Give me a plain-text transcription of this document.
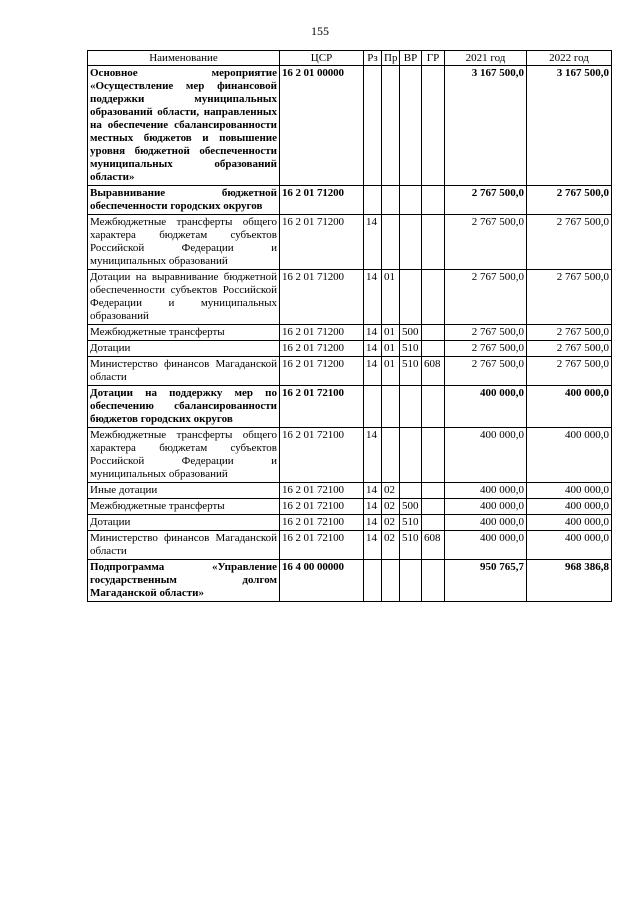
155
Наименование	ЦСР	Рз	Пр	ВР	ГР	2021 год	2022 год
Основное мероприятие «Осуществление мер финансовой поддержки муниципальных образований области, направленных на обеспечение сбалансированности местных бюджетов и повышение уровня бюджетной обеспеченности муниципальных образований области»	16 2 01 00000					3 167 500,0	3 167 500,0
Выравнивание бюджетной обеспеченности городских округов	16 2 01 71200					2 767 500,0	2 767 500,0
Межбюджетные трансферты общего характера бюджетам субъектов Российской Федерации и муниципальных образований	16 2 01 71200	14				2 767 500,0	2 767 500,0
Дотации на выравнивание бюджетной обеспеченности субъектов Российской Федерации и муниципальных образований	16 2 01 71200	14	01			2 767 500,0	2 767 500,0
Межбюджетные трансферты	16 2 01 71200	14	01	500		2 767 500,0	2 767 500,0
Дотации	16 2 01 71200	14	01	510		2 767 500,0	2 767 500,0
Министерство финансов Магаданской области	16 2 01 71200	14	01	510	608	2 767 500,0	2 767 500,0
Дотации на поддержку мер по обеспечению сбалансированности бюджетов городских округов	16 2 01 72100					400 000,0	400 000,0
Межбюджетные трансферты общего характера бюджетам субъектов Российской Федерации и муниципальных образований	16 2 01 72100	14				400 000,0	400 000,0
Иные дотации	16 2 01 72100	14	02			400 000,0	400 000,0
Межбюджетные трансферты	16 2 01 72100	14	02	500		400 000,0	400 000,0
Дотации	16 2 01 72100	14	02	510		400 000,0	400 000,0
Министерство финансов Магаданской области	16 2 01 72100	14	02	510	608	400 000,0	400 000,0
Подпрограмма «Управление государственным долгом Магаданской области»	16 4 00 00000					950 765,7	968 386,8
